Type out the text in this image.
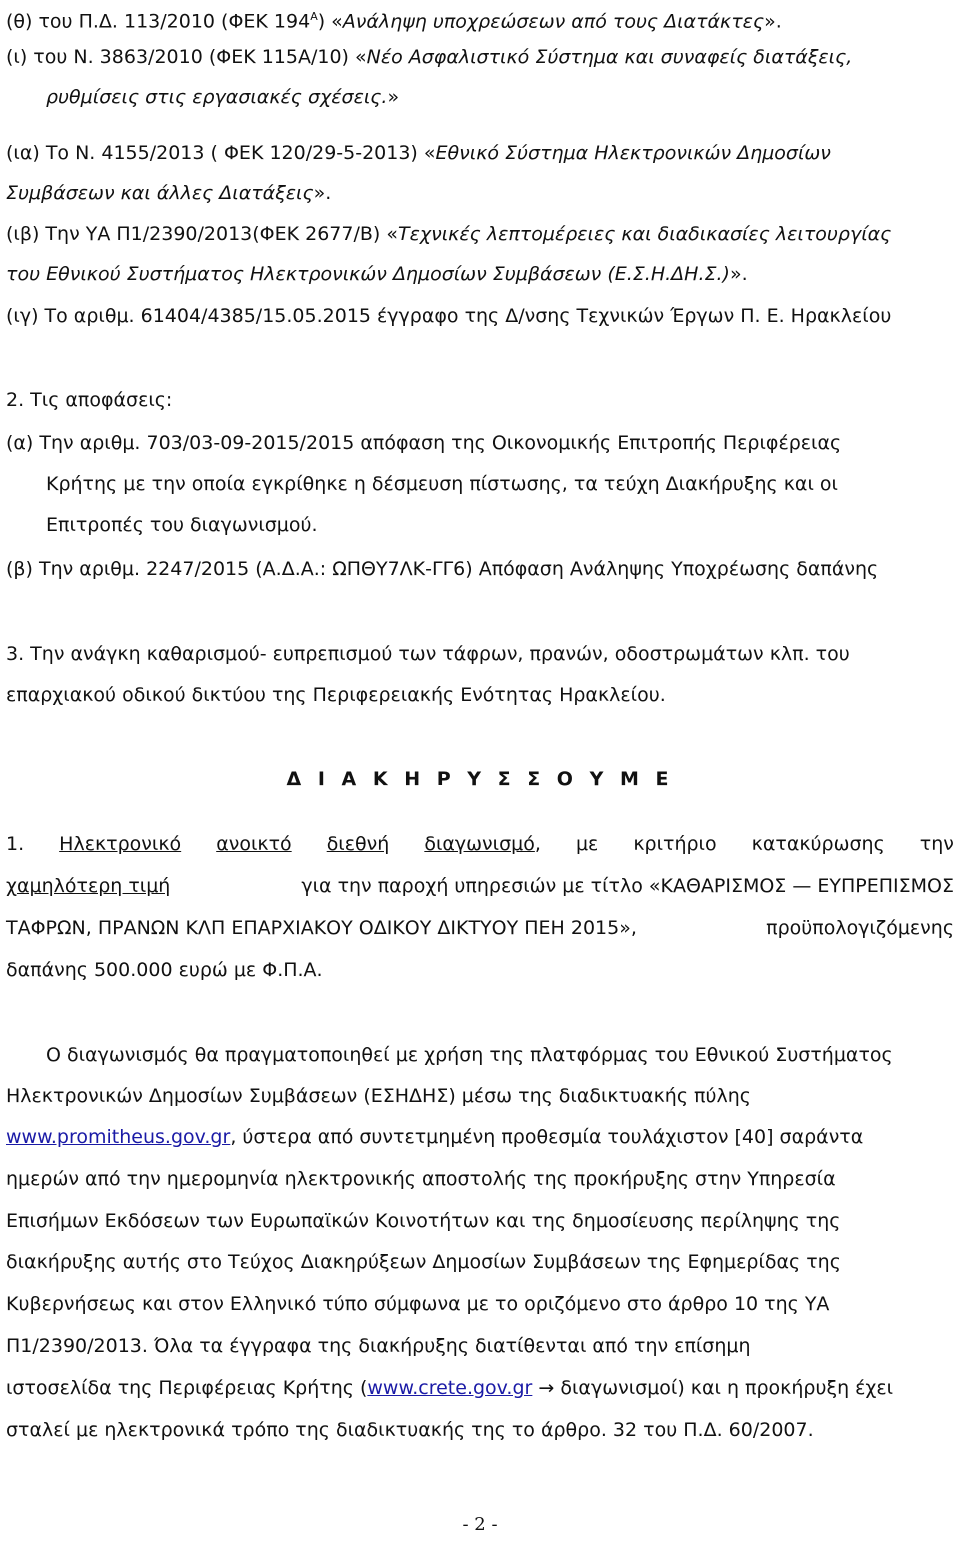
(θ) του Π.Δ. 113/2010 (ΦΕΚ $194^A$) «Ανάληψη υποχρεώσεων από τους Διατάκτες».
(ι) του Ν. 3863/2010 (ΦΕΚ 115Α/10) «Νέο Ασφαλιστικό Σύστημα και συναφείς διατάξεις,
ρυθμίσεις στις εργασιακές σχέσεις.»
(ια) Το Ν. 4155/2013 ( ΦΕΚ 120/29-5-2013) «Εθνικό Σύστημα Ηλεκτρονικών Δημοσίων
Συμβάσεων και άλλες Διατάξεις».
(ιβ) Την ΥΑ Π1/2390/2013(ΦΕΚ 2677/Β) «Τεχνικές λεπτομέρειες και διαδικασίες λειτουργίας
του Εθνικού Συστήματος Ηλεκτρονικών Δημοσίων Συμβάσεων (Ε.Σ.Η.ΔΗ.Σ.)».
(ιγ) Το αριθμ. 61404/4385/15.05.2015 έγγραφο της Δ/νσης Τεχνικών Έργων Π. Ε. Ηρακλείου
2. Τις αποφάσεις:
(α) Την αριθμ. 703/03-09-2015/2015 απόφαση της Οικονομικής Επιτροπής Περιφέρειας
Κρήτης με την οποία εγκρίθηκε η δέσμευση πίστωσης, τα τεύχη Διακήρυξης και οι
Επιτροπές του διαγωνισμού.
(β) Την αριθμ. 2247/2015 (Α.Δ.Α.: ΩΠΘΥ7ΛΚ-ΓΓ6) Απόφαση Ανάληψης Υποχρέωσης δαπάνης
3. Την ανάγκη καθαρισμού- ευπρεπισμού των τάφρων, πρανών, οδοστρωμάτων κλπ. του
επαρχιακού οδικού δικτύου της Περιφερειακής Ενότητας Ηρακλείου.
Δ Ι Α Κ Η Ρ Υ Σ Σ Ο Υ Μ Ε
1. Ηλεκτρονικό ανοικτό διεθνή διαγωνισμό, με κριτήριο κατακύρωσης την
χαμηλότερη τιμή	για την παροχή υπηρεσιών με τίτλο «ΚΑΘΑΡΙΣΜΟΣ — ΕΥΠΡΕΠΙΣΜΟΣ
ΤΑΦΡΩΝ, ΠΡΑΝΩΝ ΚΛΠ ΕΠΑΡΧΙΑΚΟΥ ΟΔΙΚΟΥ ΔΙΚΤΥΟΥ ΠΕΗ 2015»,	προϋπολογιζόμενης
δαπάνης 500.000 ευρώ με Φ.Π.Α.
Ο διαγωνισμός θα πραγματοποιηθεί με χρήση της πλατφόρμας του Εθνικού Συστήματος
Ηλεκτρονικών Δημοσίων Συμβάσεων (ΕΣΗΔΗΣ) μέσω της διαδικτυακής πύλης
www.promitheus.gov.gr, ύστερα από συντετμημένη προθεσμία τουλάχιστον [40] σαράντα
ημερών από την ημερομηνία ηλεκτρονικής αποστολής της προκήρυξης στην Υπηρεσία
Επισήμων Εκδόσεων των Ευρωπαϊκών Κοινοτήτων και της δημοσίευσης περίληψης της
διακήρυξης αυτής στο Τεύχος Διακηρύξεων Δημοσίων Συμβάσεων της Εφημερίδας της
Κυβερνήσεως και στον Ελληνικό τύπο σύμφωνα με το οριζόμενο στο άρθρο 10 της ΥΑ
Π1/2390/2013. Όλα τα έγγραφα της διακήρυξης διατίθενται από την επίσημη
ιστοσελίδα της Περιφέρειας Κρήτης (www.crete.gov.gr → διαγωνισμοί) και η προκήρυξη έχει
σταλεί με ηλεκτρονικά τρόπο της διαδικτυακής της το άρθρο. 32 του Π.Δ. 60/2007.
- 2 -
